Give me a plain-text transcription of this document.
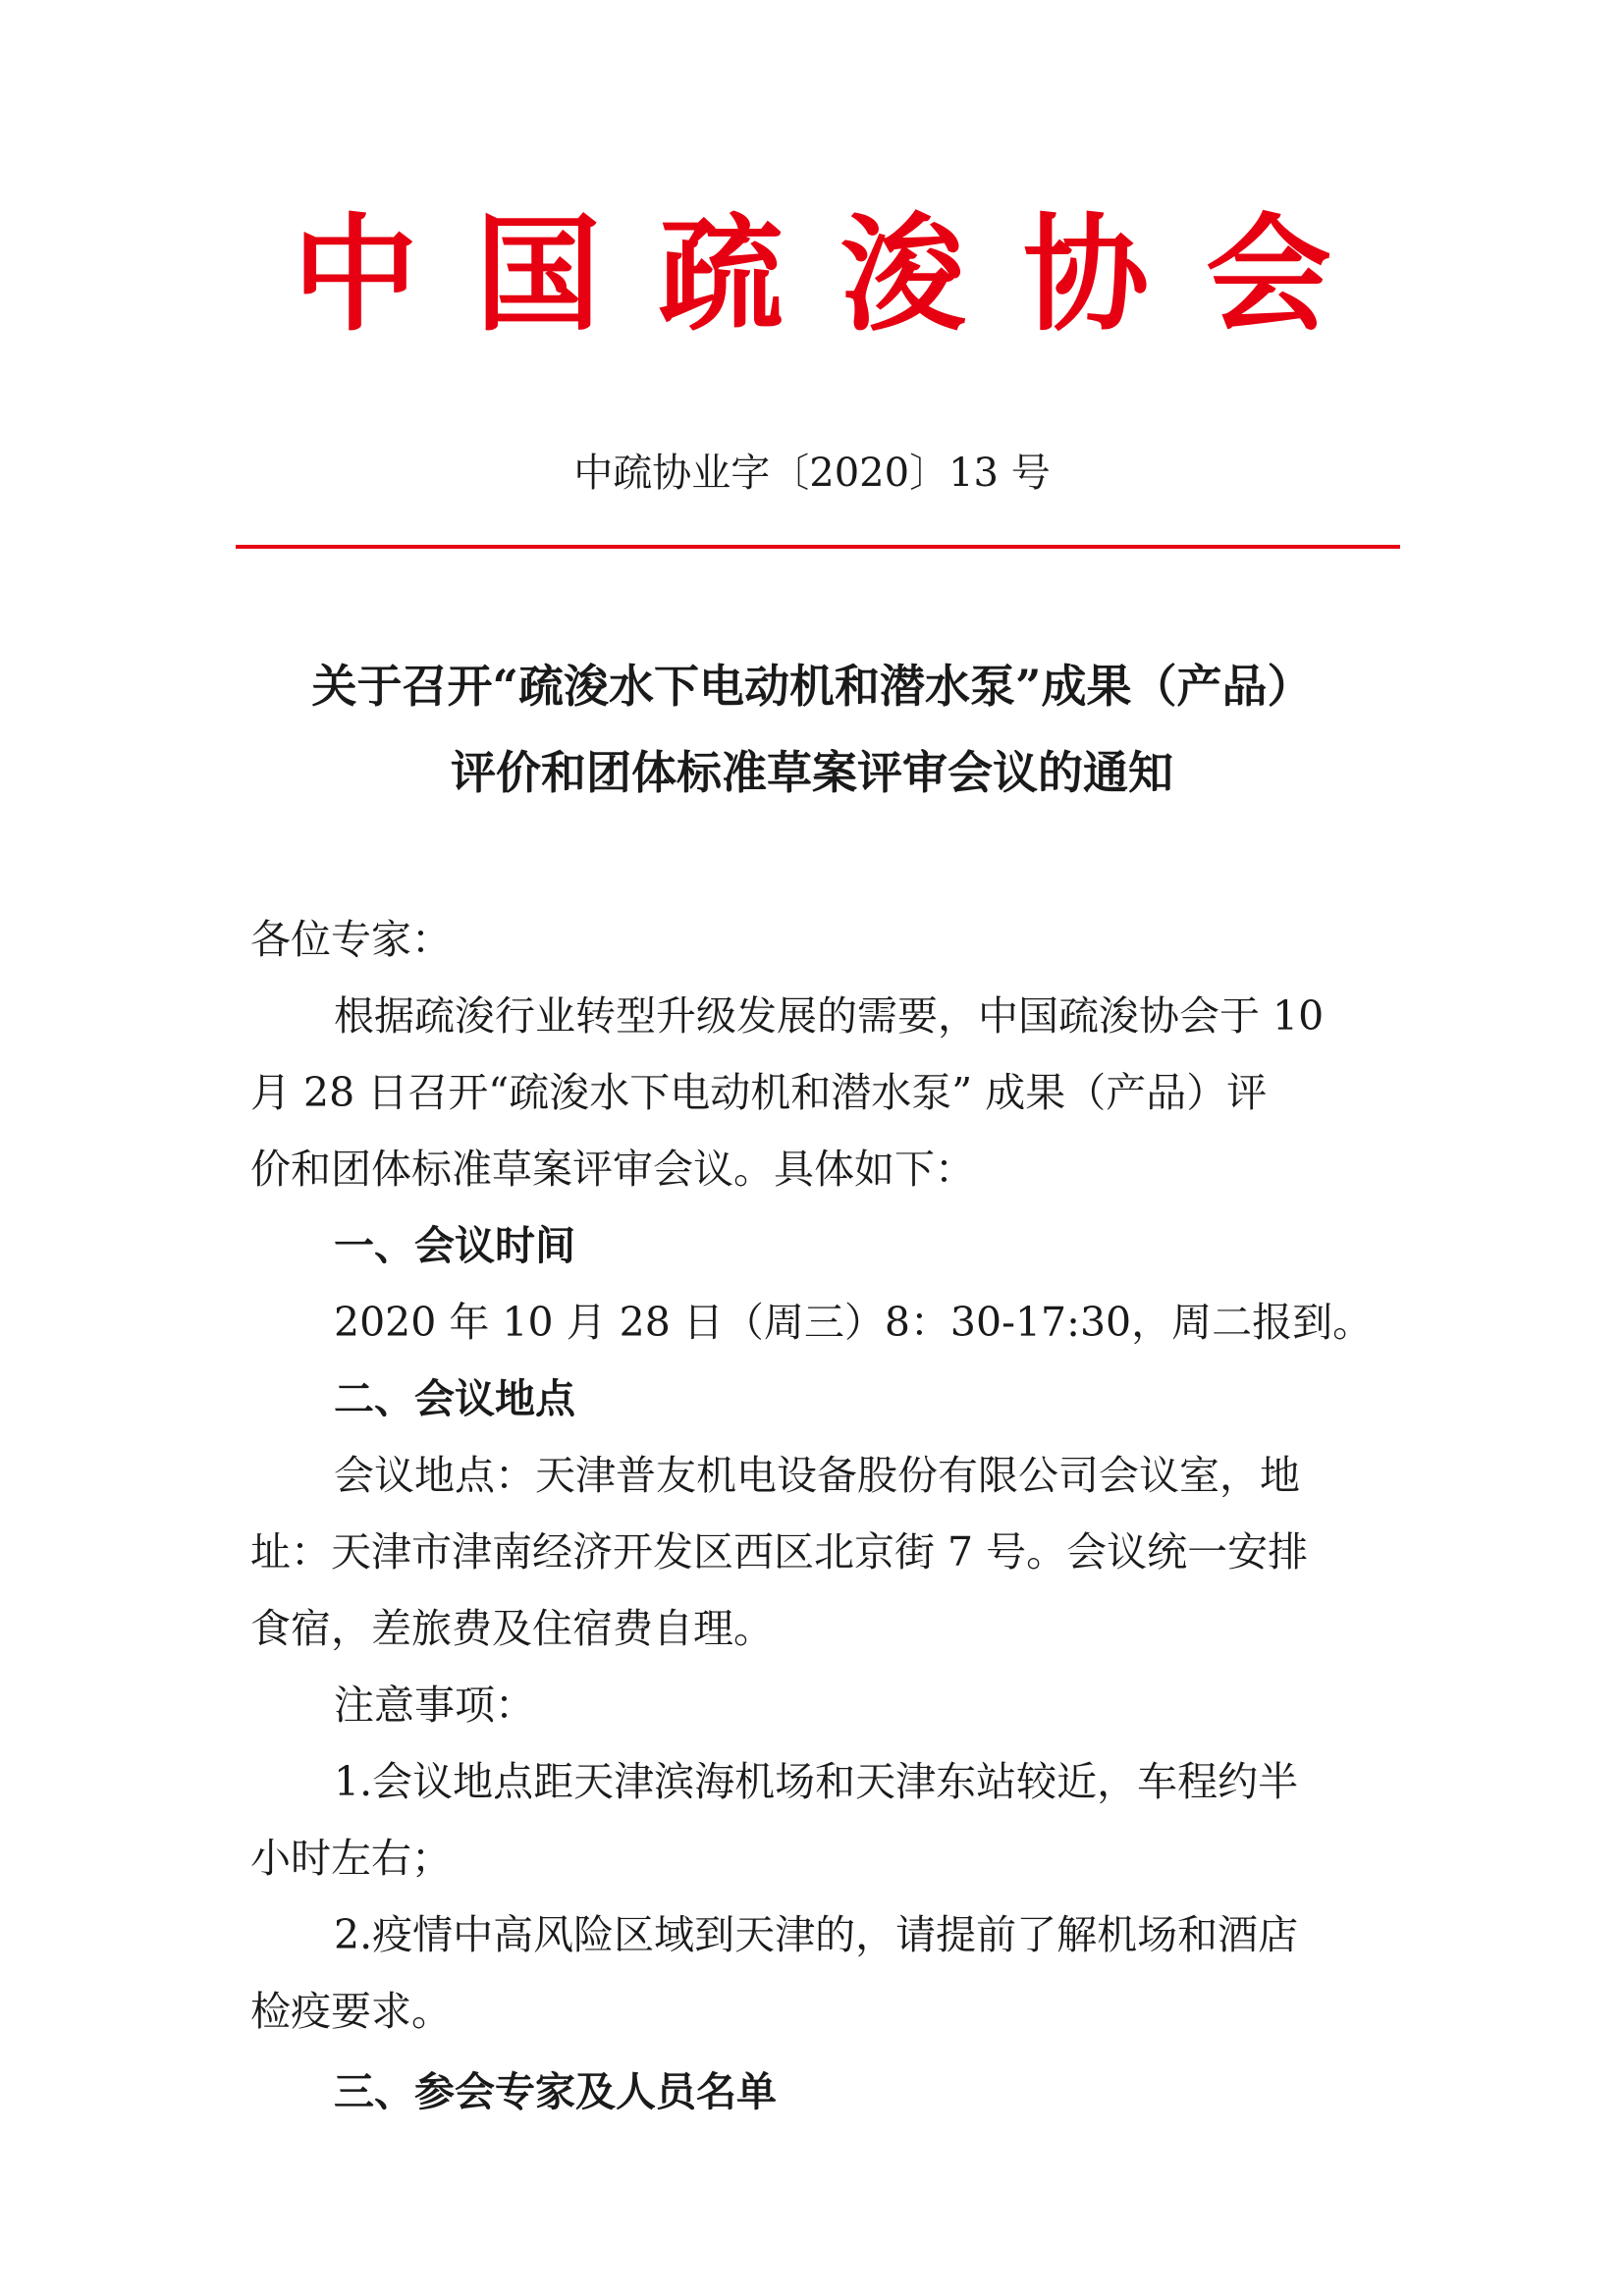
中国疏浚协会
中疏协业字〔2020〕13 号
关于召开“疏浚水下电动机和潜水泵”成果（产品）
评价和团体标准草案评审会议的通知
各位专家：
根据疏浚行业转型升级发展的需要，中国疏浚协会于 10
月 28 日召开“疏浚水下电动机和潜水泵” 成果（产品）评
价和团体标准草案评审会议。具体如下：
一、会议时间
2020 年 10 月 28 日（周三）8：30-17:30，周二报到。
二、会议地点
会议地点：天津普友机电设备股份有限公司会议室，地
址：天津市津南经济开发区西区北京街 7 号。会议统一安排
食宿，差旅费及住宿费自理。
注意事项：
1.会议地点距天津滨海机场和天津东站较近，车程约半
小时左右；
2.疫情中高风险区域到天津的，请提前了解机场和酒店
检疫要求。
三、参会专家及人员名单
